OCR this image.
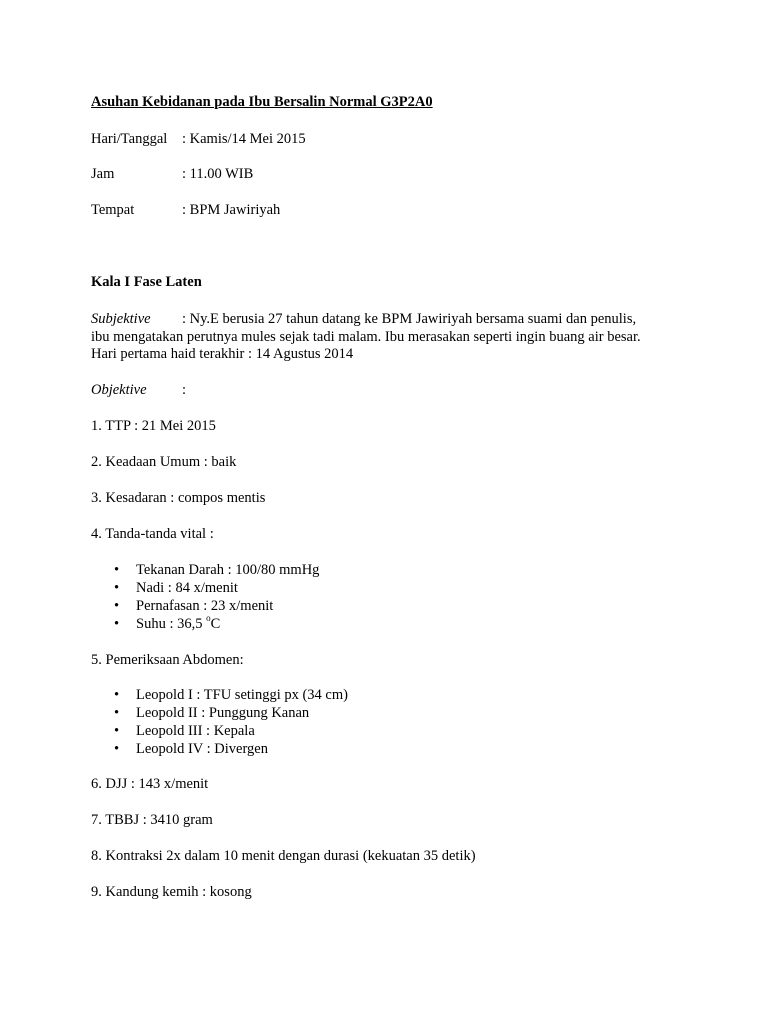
Asuhan Kebidanan pada Ibu Bersalin Normal G3P2A0
Hari/Tanggal : Kamis/14 Mei 2015
Jam	: 11.00 WIB
Tempat	: BPM Jawiriyah
Kala I Fase Laten
Subjektive : Ny.E berusia 27 tahun datang ke BPM Jawiriyah bersama suami dan penulis,
ibu mengatakan perutnya mules sejak tadi malam. Ibu merasakan seperti ingin buang air besar.
Hari pertama haid terakhir : 14 Agustus 2014
Objektive :
1. TTP : 21 Mei 2015
2. Keadaan Umum : baik
3. Kesadaran : compos mentis
4. Tanda-tanda vital :
• Tekanan Darah : 100/80 mmHg
• Nadi : 84 x/menit
• Pernafasan : 23 x/menit
• Suhu : 36,5 $^o$C
5. Pemeriksaan Abdomen:
• Leopold I : TFU setinggi px (34 cm)
• Leopold II : Punggung Kanan
• Leopold III : Kepala
• Leopold IV : Divergen
6. DJJ : 143 x/menit
7. TBBJ : 3410 gram
8. Kontraksi 2x dalam 10 menit dengan durasi (kekuatan 35 detik)
9. Kandung kemih : kosong
